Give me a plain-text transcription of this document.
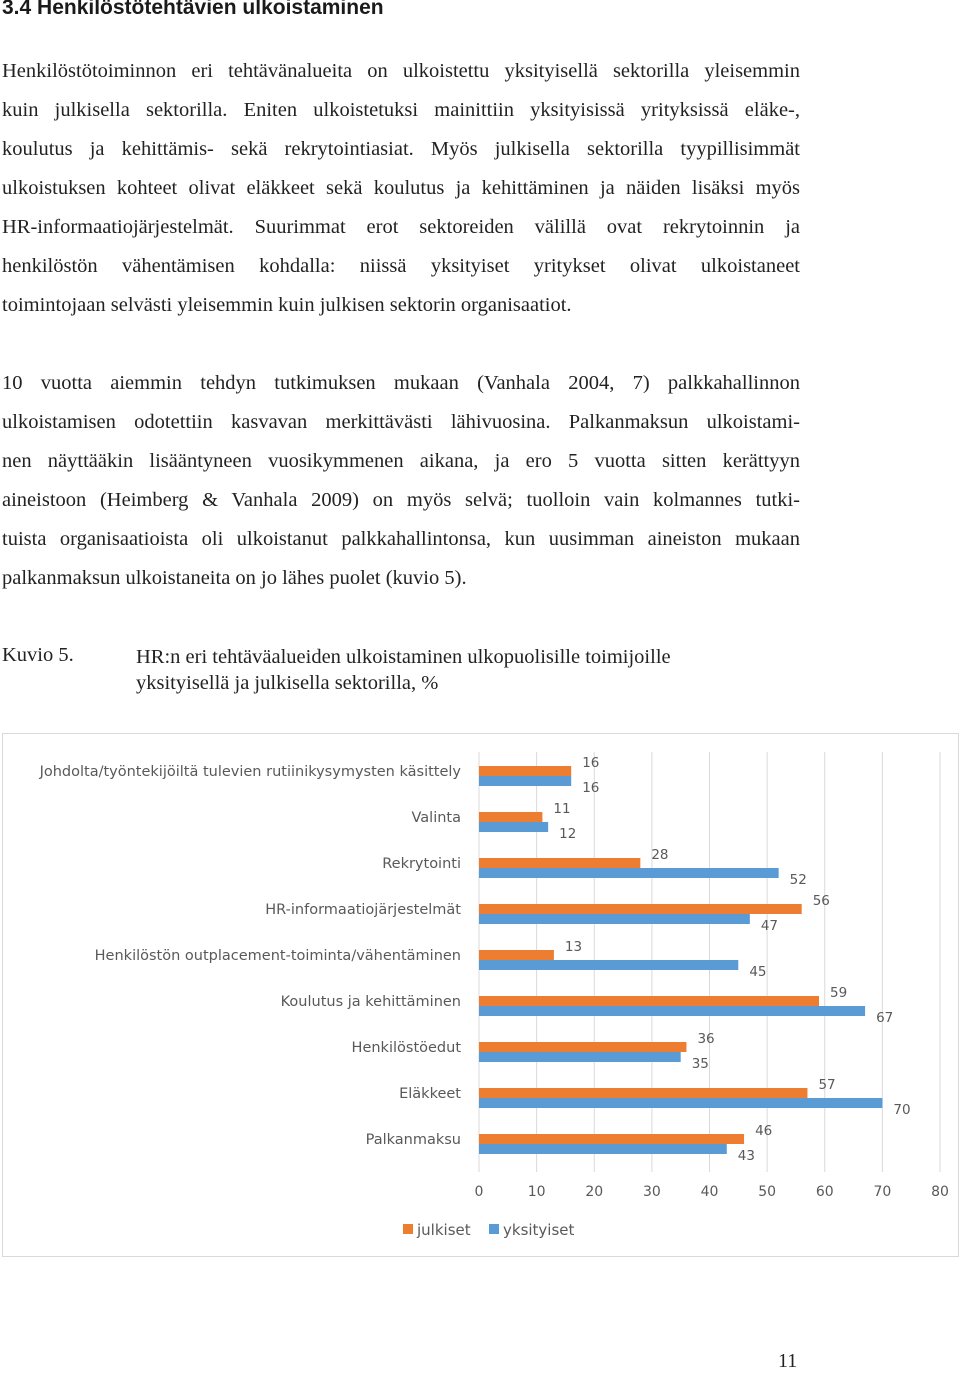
3.4 Henkilöstötehtävien ulkoistaminen

Henkilöstötoiminnon eri tehtävänalueita on ulkoistettu yksityisellä sektorilla yleisemmin
kuin julkisella sektorilla. Eniten ulkoistetuksi mainittiin yksityisissä yrityksissä eläke-,
koulutus ja kehittämis- sekä rekrytointiasiat. Myös julkisella sektorilla tyypillisimmät
ulkoistuksen kohteet olivat eläkkeet sekä koulutus ja kehittäminen ja näiden lisäksi myös
HR-informaatiojärjestelmät. Suurimmat erot sektoreiden välillä ovat rekrytoinnin ja
henkilöstön vähentämisen kohdalla: niissä yksityiset yritykset olivat ulkoistaneet
toimintojaan selvästi yleisemmin kuin julkisen sektorin organisaatiot.

10 vuotta aiemmin tehdyn tutkimuksen mukaan (Vanhala 2004, 7) palkkahallinnon
ulkoistamisen odotettiin kasvavan merkittävästi lähivuosina. Palkanmaksun ulkoistami-
nen näyttääkin lisääntyneen vuosikymmenen aikana, ja ero 5 vuotta sitten kerättyyn
aineistoon (Heimberg & Vanhala 2009) on myös selvä; tuolloin vain kolmannes tutki-
tuista organisaatioista oli ulkoistanut palkkahallintonsa, kun uusimman aineiston mukaan
palkanmaksun ulkoistaneita on jo lähes puolet (kuvio 5).

Kuvio 5.	HR:n eri tehtäväalueiden ulkoistaminen ulkopuolisille toimijoille
yksityisellä ja julkisella sektorilla, %
0	10	20	30	40	50	60	70	80
Johdolta/työntekijöiltä tulevien rutiinikysymysten käsittely
16
16
Valinta
11
12
Rekrytointi
28
52
HR-informaatiojärjestelmät
56
47
Henkilöstön outplacement-toiminta/vähentäminen
13
45
Koulutus ja kehittäminen
59
67
Henkilöstöedut
36
35
Eläkkeet
57
70
Palkanmaksu
46
43
julkiset yksityiset
11
